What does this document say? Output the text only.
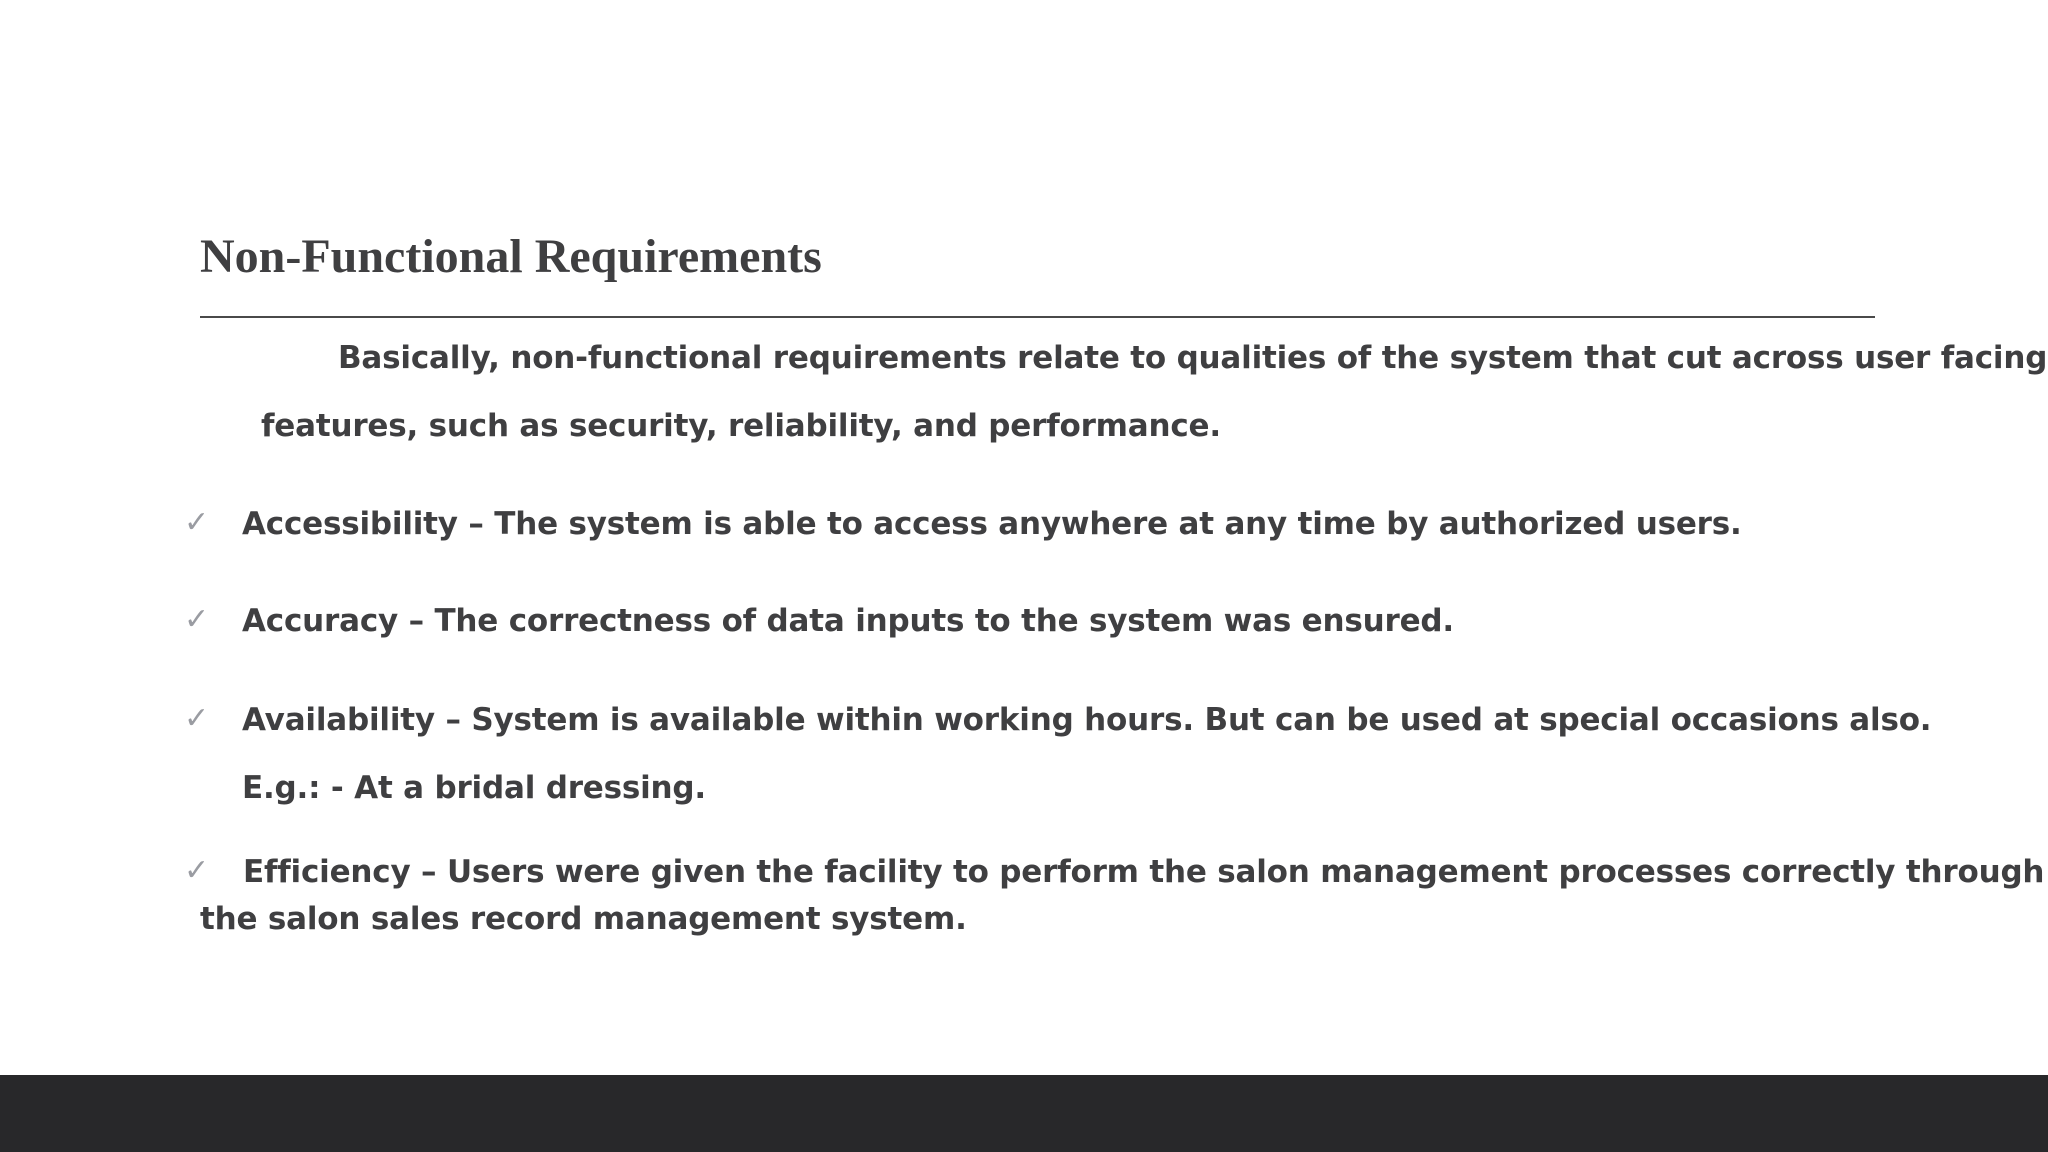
Non-Functional Requirements

Basically, non-functional requirements relate to qualities of the system that cut across user facing

features, such as security, reliability, and performance.

✓ Accessibility – The system is able to access anywhere at any time by authorized users.

✓ Accuracy – The correctness of data inputs to the system was ensured.

✓ Availability – System is available within working hours. But can be used at special occasions also.

E.g.: - At a bridal dressing.

✓ Efficiency – Users were given the facility to perform the salon management processes correctly through

the salon sales record management system.
